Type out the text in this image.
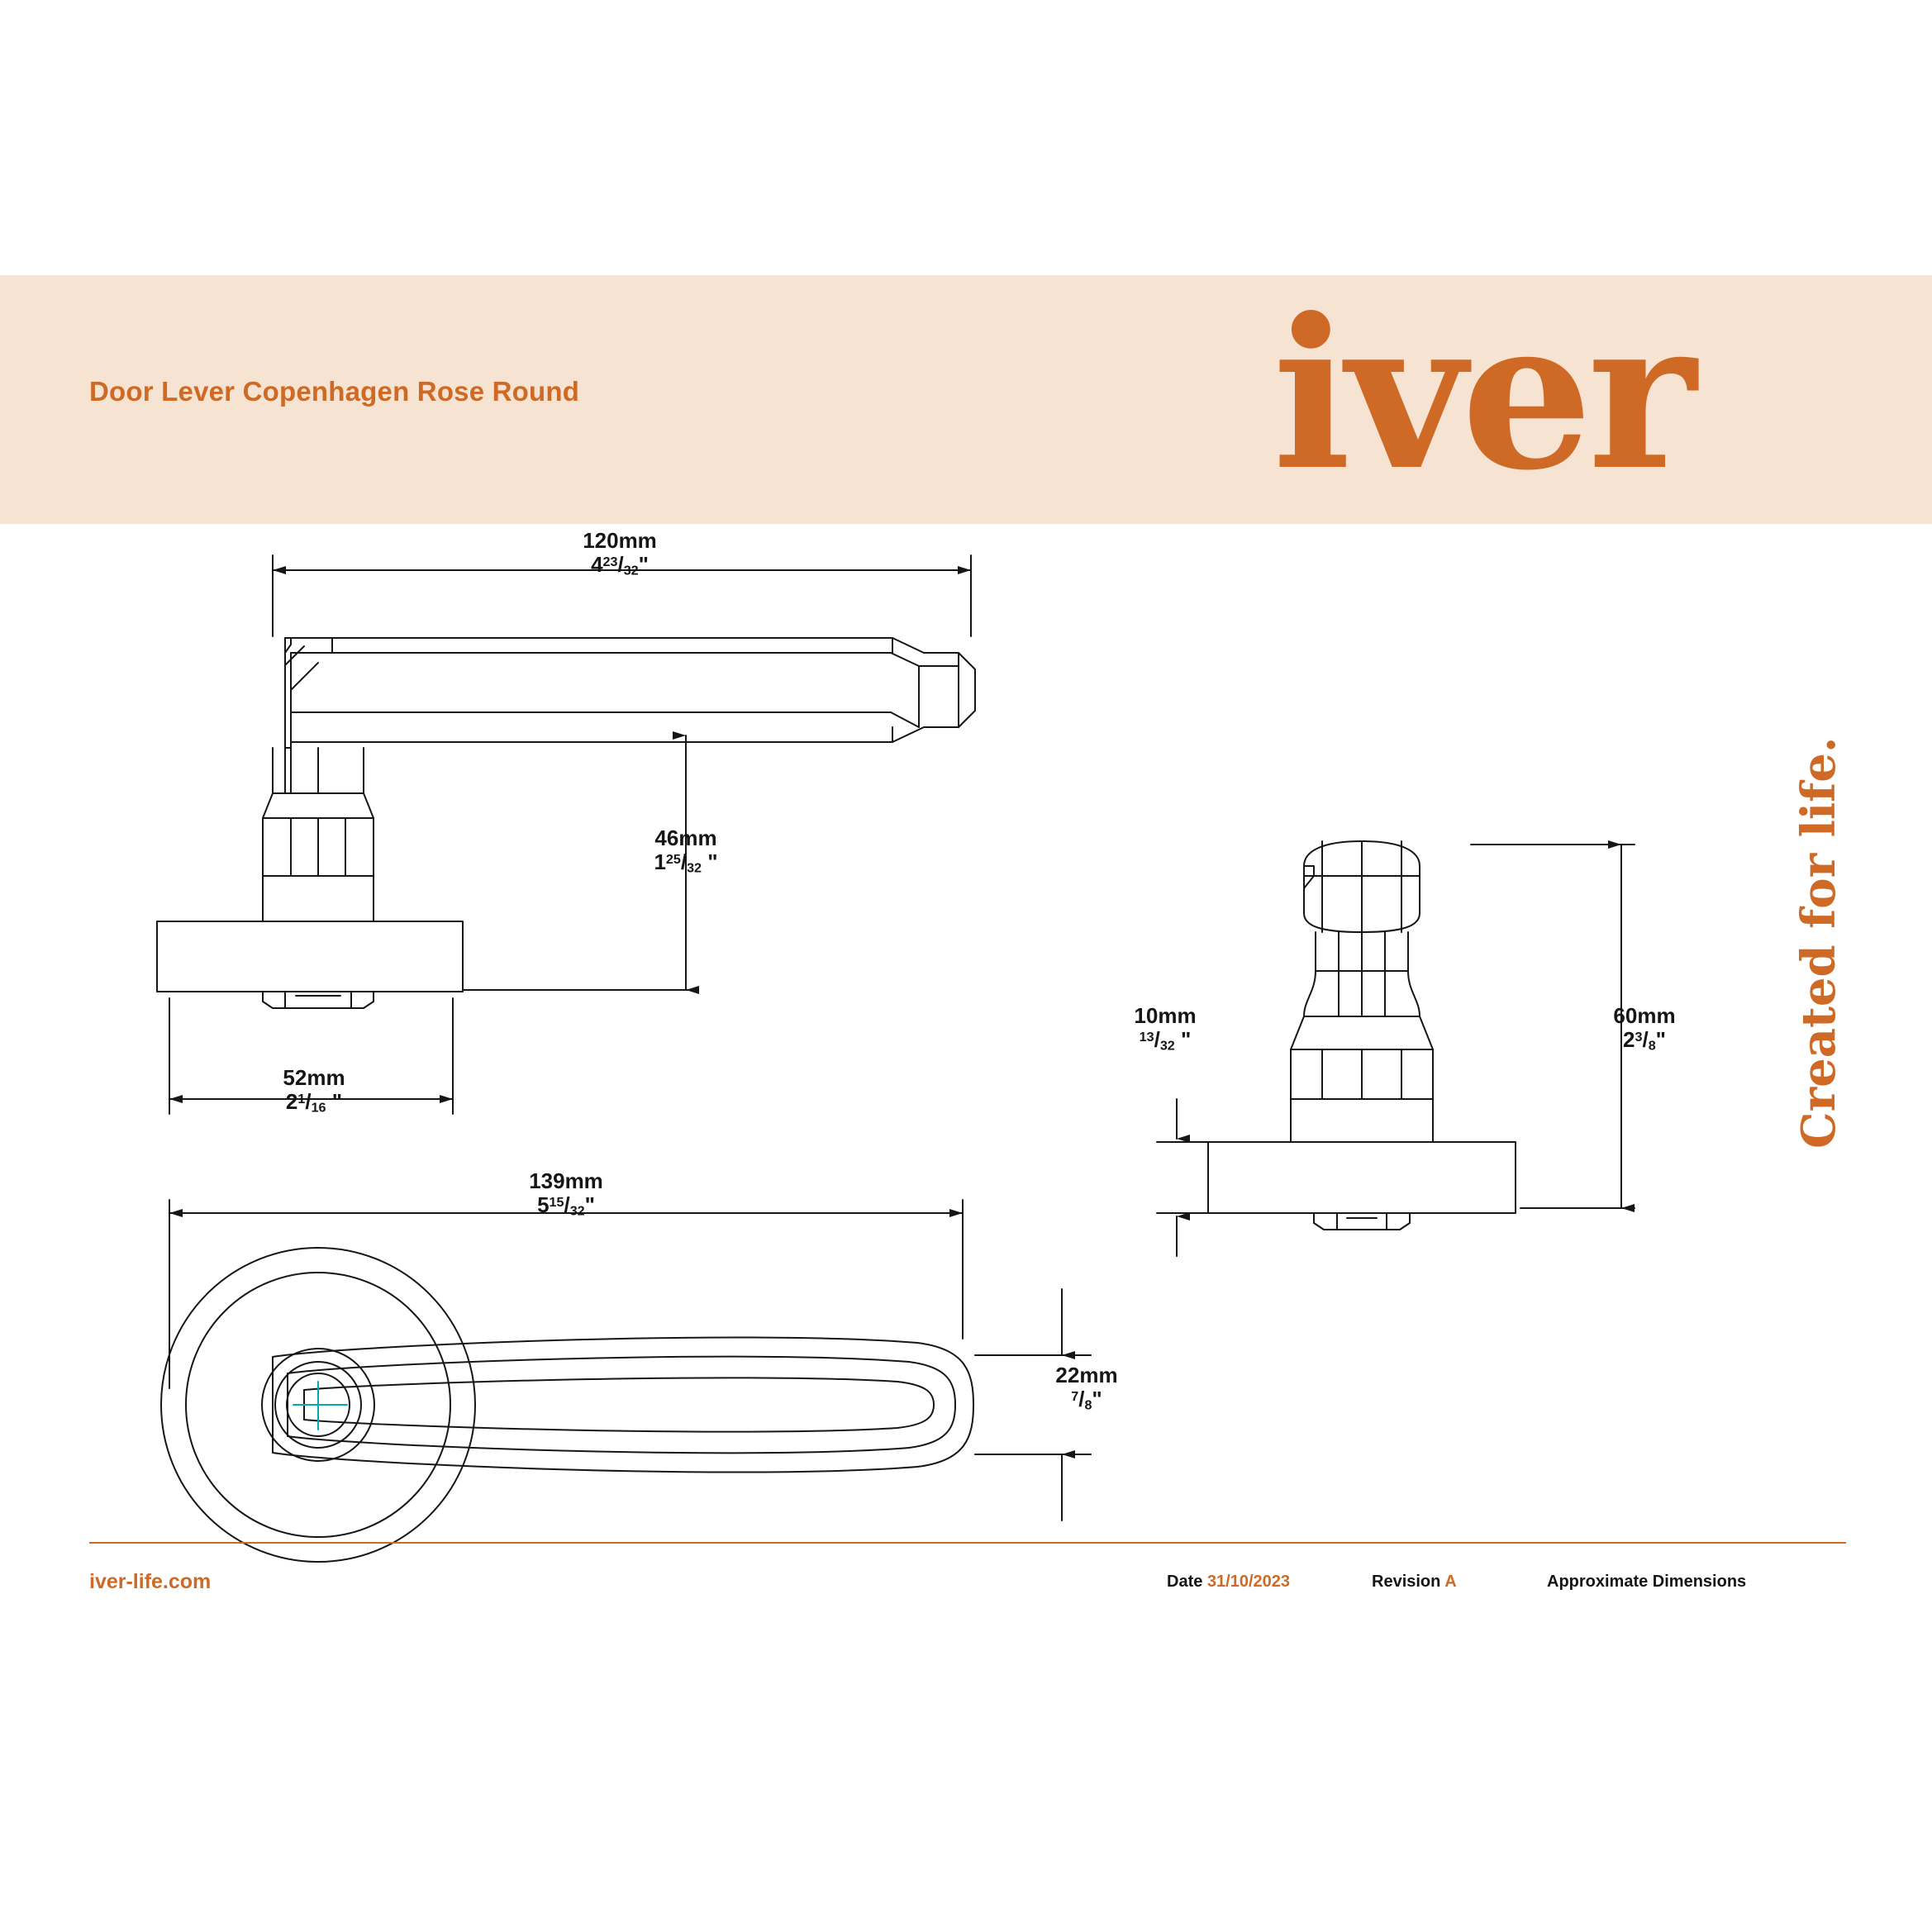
Door Lever Copenhagen Rose Round	iver
Created for life.
120mm
$4^{23}/_{32}$"
46mm
$1^{25}/_{32}$ "
52mm
$2^1/_{16}$ "
139mm
$5^{15}/_{32}$"
22mm
$^7/_8$"
10mm
$^{13}/_{32}$ "
60mm
$2^3/_8$"
iver-life.com	Date 31/10/2023	Revision A	Approximate Dimensions
